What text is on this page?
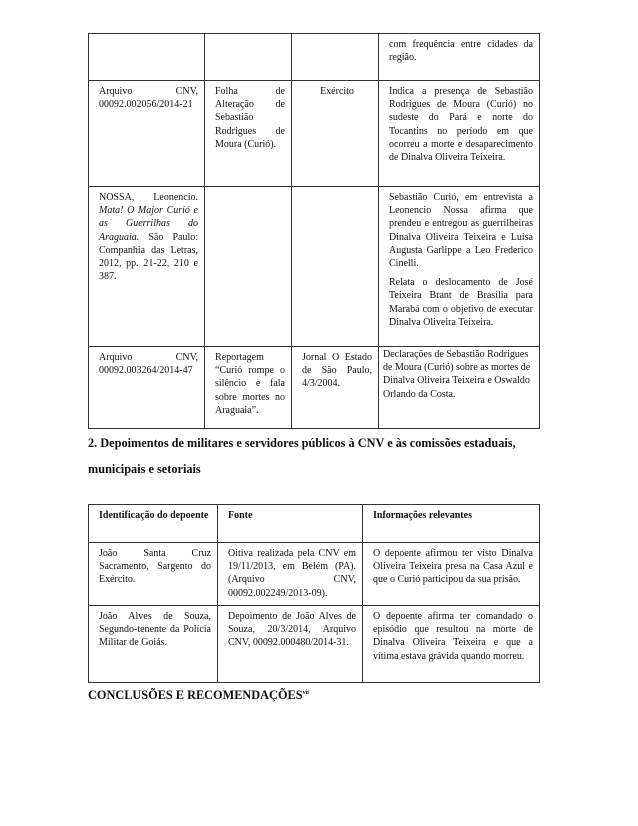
			com frequência entre cidades da região.
Arquivo CNV, 00092.002056/2014-21	Folha de Alteração de Sebastião Rodrigues de Moura (Curió).	Exército	Indica a presença de Sebastião Rodrigues de Moura (Curió) no sudeste do Pará e norte do Tocantins no período em que ocorreu a morte e desaparecimento de Dinalva Oliveira Teixeira.
NOSSA, Leonencio. Mata! O Major Curió e as Guerrilhas do Araguaia. São Paulo: Companhia das Letras, 2012, pp. 21-22, 210 e 387.			Sebastião Curió, em entrevista a Leonencio Nossa afirma que prendeu e entregou as guerrilheiras Dinalva Oliveira Teixeira e Luisa Augusta Garlippe a Leo Frederico Cinelli.
Relata o deslocamento de José Teixeira Brant de Brasília para Marabá com o objetivo de executar Dinalva Oliveira Teixeira.

Arquivo CNV, 00092.003264/2014-47	Reportagem “Curió rompe o silêncio e fala sobre mortes no Araguaia”.	Jornal O Estado de São Paulo, 4/3/2004.	Declarações de Sebastião Rodrigues de Moura (Curió) sobre as mortes de Dinalva Oliveira Teixeira e Oswaldo Orlando da Costa.
2. Depoimentos de militares e servidores públicos à CNV e às comissões estaduais, municipais e setoriais
Identificação do depoente	Fonte	Informações relevantes
João Santa Cruz Sacramento, Sargento do Exército.	Oitiva realizada pela CNV em 19/11/2013, em Belém (PA). (Arquivo CNV, 00092.002249/2013-09).	O depoente afirmou ter visto Dinalva Oliveira Teixeira presa na Casa Azul e que o Curió participou da sua prisão.
João Alves de Souza, Segundo-tenente da Polícia Militar de Goiás.	Depoimento de João Alves de Souza, 20/3/2014, Arquivo CNV, 00092.000480/2014-31.	O depoente afirma ter comandado o episódio que resultou na morte de Dinalva Oliveira Teixeira e que a vítima estava grávida quando morreu.
CONCLUSÕES E RECOMENDAÇÕES$^{vii}$
